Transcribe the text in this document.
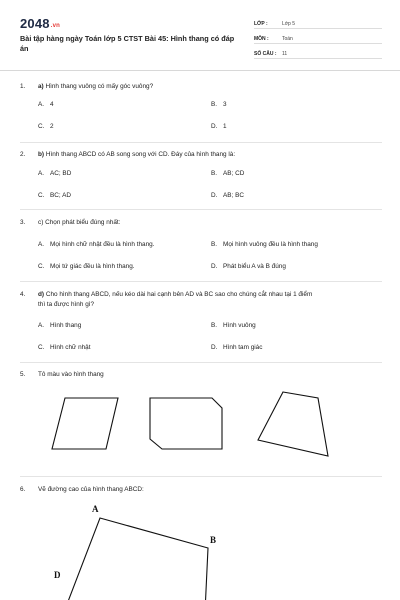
2048.vn
Bài tập hàng ngày Toán lớp 5 CTST Bài 45: Hình thang có đáp án
LỚP :	Lớp 5
MÔN :	Toán
SỐ CÂU :	11
1.	a) Hình thang vuông có mấy góc vuông?
A. 4	B. 3
C. 2	D. 1
2.	b) Hình thang ABCD có AB song song với CD. Đáy của hình thang là:
A. AC; BD	B. AB; CD
C. BC; AD	D. AB; BC
3.	c) Chọn phát biểu đúng nhất:
A. Mọi hình chữ nhật đều là hình thang.	B. Mọi hình vuông đều là hình thang
C. Mọi tứ giác đều là hình thang.	D. Phát biểu A và B đúng
4.	d) Cho hình thang ABCD, nếu kéo dài hai cạnh bên AD và BC sao cho chúng cắt nhau tại 1 điểm
thì ta được hình gì?
A. Hình thang	B. Hình vuông
C. Hình chữ nhật	D. Hình tam giác
5.	Tô màu vào hình thang
6.	Vẽ đường cao của hình thang ABCD:
A
B
D
